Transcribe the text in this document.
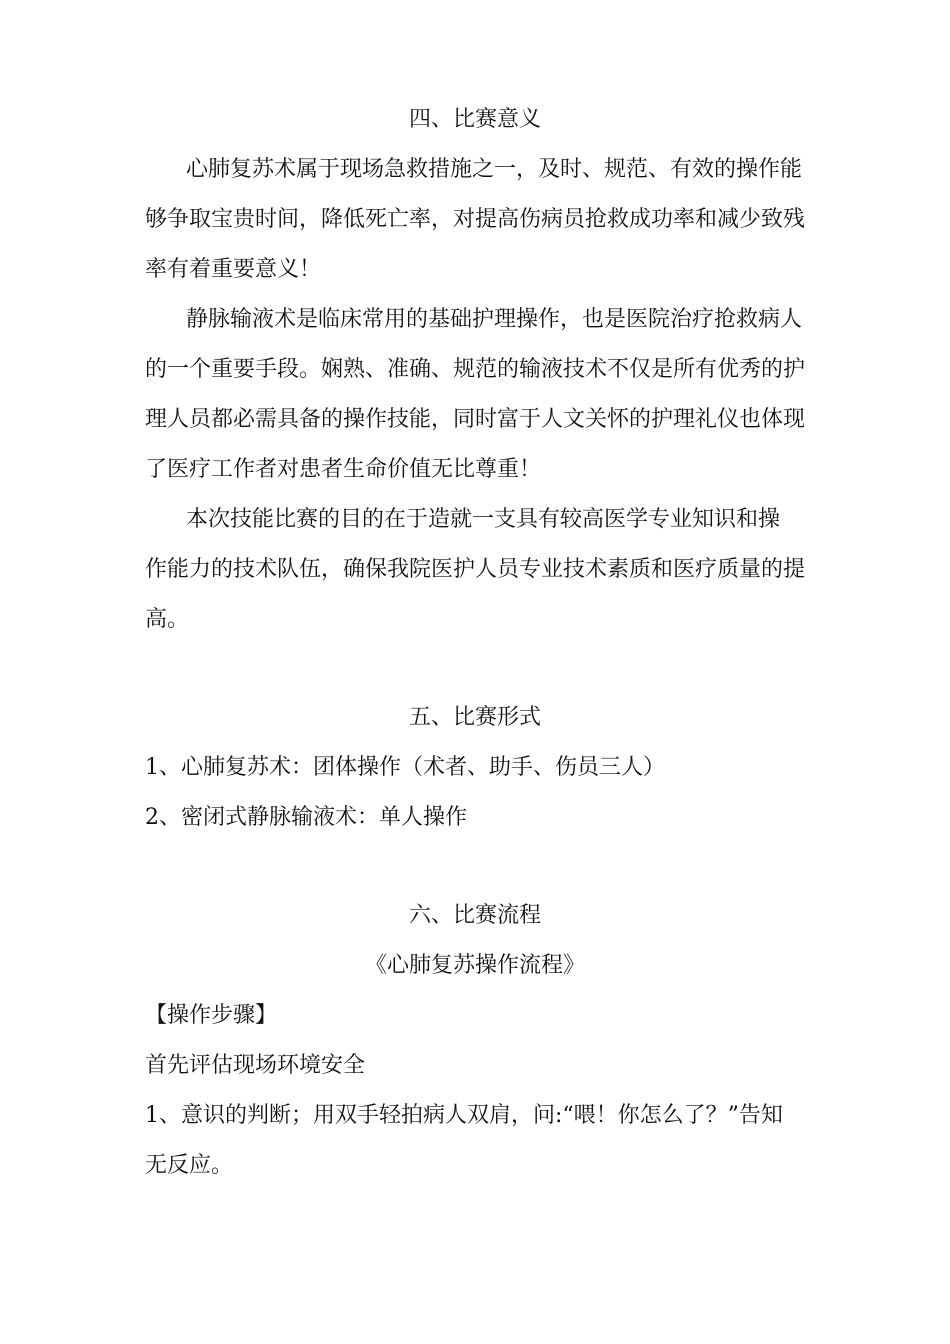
四、比赛意义
心肺复苏术属于现场急救措施之一，及时、规范、有效的操作能
够争取宝贵时间，降低死亡率，对提高伤病员抢救成功率和减少致残
率有着重要意义！
静脉输液术是临床常用的基础护理操作，也是医院治疗抢救病人
的一个重要手段。娴熟、准确、规范的输液技术不仅是所有优秀的护
理人员都必需具备的操作技能，同时富于人文关怀的护理礼仪也体现
了医疗工作者对患者生命价值无比尊重！
本次技能比赛的目的在于造就一支具有较高医学专业知识和操
作能力的技术队伍，确保我院医护人员专业技术素质和医疗质量的提
高。
五、比赛形式
1、心肺复苏术：团体操作（术者、助手、伤员三人）
2、密闭式静脉输液术：单人操作
六、比赛流程
《心肺复苏操作流程》
【操作步骤】
首先评估现场环境安全
1、意识的判断；用双手轻拍病人双肩，问:“喂！你怎么了？”告知
无反应。
